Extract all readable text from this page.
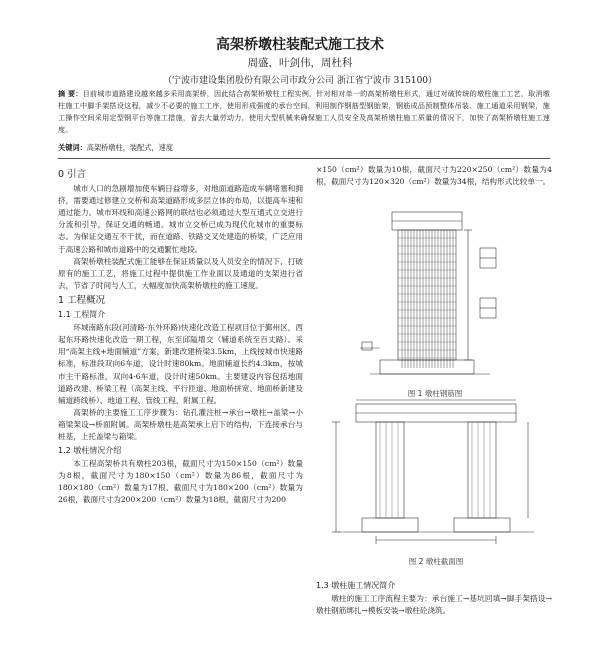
高架桥墩柱装配式施工技术
周盛，叶剑伟，周杜科
（宁波市建设集团股份有限公司市政分公司 浙江省宁波市 315100）
摘 要：目前城市道路建设越来越多采用高架桥，因此结合高架桥墩柱工程实例，针对相对单一的高架桥墩柱形式，通过对破传统的墩柱施工工艺，取消墩柱施工中脚手架搭设这程，减少不必要的施工工序，使用形成强度的承台空间，利用制作钢筋型钢胎架，钢筋成品预制整体吊装、施工通道采用钢梁，施工操作空间采用定型钢平台等施工措施，省去大量劳动力，使用大型机械来确保施工人员安全及高架桥墩柱施工质量的情况下，加快了高架桥墩柱施工速度。
关键词：高架桥墩柱，装配式，速度
0 引言

城市人口的急剧增加使车辆日益增多，对地面道路造成车辆堵塞和拥挤，需要通过修建立交桥和高架道路形成多层立体的布局，以提高车速和通过能力。城市环线和高速公路网的联结也必须通过大型互通式立交进行分流和引导，保证交通的畅通。城市立交桥已成为现代化城市的重要标志。为保证交通互不干扰，而在道路、铁路交叉处建造的桥梁，广泛应用于高速公路和城市道路中的交通繁忙地段。

高架桥墩柱装配式施工能够在保证质量以及人员安全的情况下，打破原有的施工工艺，将施工过程中提供施工作业面以及通道的支架进行省去，节省了时间与人工，大幅度加快高架桥墩柱的施工速度。

1 工程概况
1.1 工程简介

环城南路东段(河清路-东外环路)快速化改造工程项目位于鄞州区，西起东环路快速化改造一期工程，东至邱隘增交（辅道系统至百丈路）。采用“高架主线+地面辅道”方案，新建改建桥梁3.5km，上线按城市快速路标准，标准段双向6车道，设计时速80km。地面辅道长约4.3km，按城市主干路标准，双向4-6车道，设计时速50km。主要建设内容包括地面道路改建、桥梁工程（高架主线、平行匝道、地面桥拼宽、地面桥新建及辅道跨线桥）、地道工程、管线工程、附属工程。

高架桥的主要施工工序步骤为：钻孔灌注桩→承台→墩柱→盖梁→小箱梁架设→桥面附属。高架桥墩柱是高架承上启下的结构，下连接承台与桩基，上托盖梁与箱梁。

1.2 墩柱情况介绍

本工程高架桥共有墩柱203根，截面尺寸为150×150（cm²）数量为8根，截面尺寸为180×150（cm²）数量为86根，截面尺寸为180×180（cm²）数量为17根，截面尺寸为180×200（cm²）数量为26根，截面尺寸为200×200（cm²）数量为18根，截面尺寸为200

×150（cm²）数量为10根，截面尺寸为220×250（cm²）数量为4根，截面尺寸为120×320（cm²）数量为34根，结构形式比较单一。

图 1 墩柱钢筋图
图 2 墩柱截面图
1.3 墩柱施工情况简介

墩柱的施工工序流程主要为：承台施工→基坑回填→脚手架搭设→墩柱钢筋绑扎→模板安装→墩柱砼浇筑。
